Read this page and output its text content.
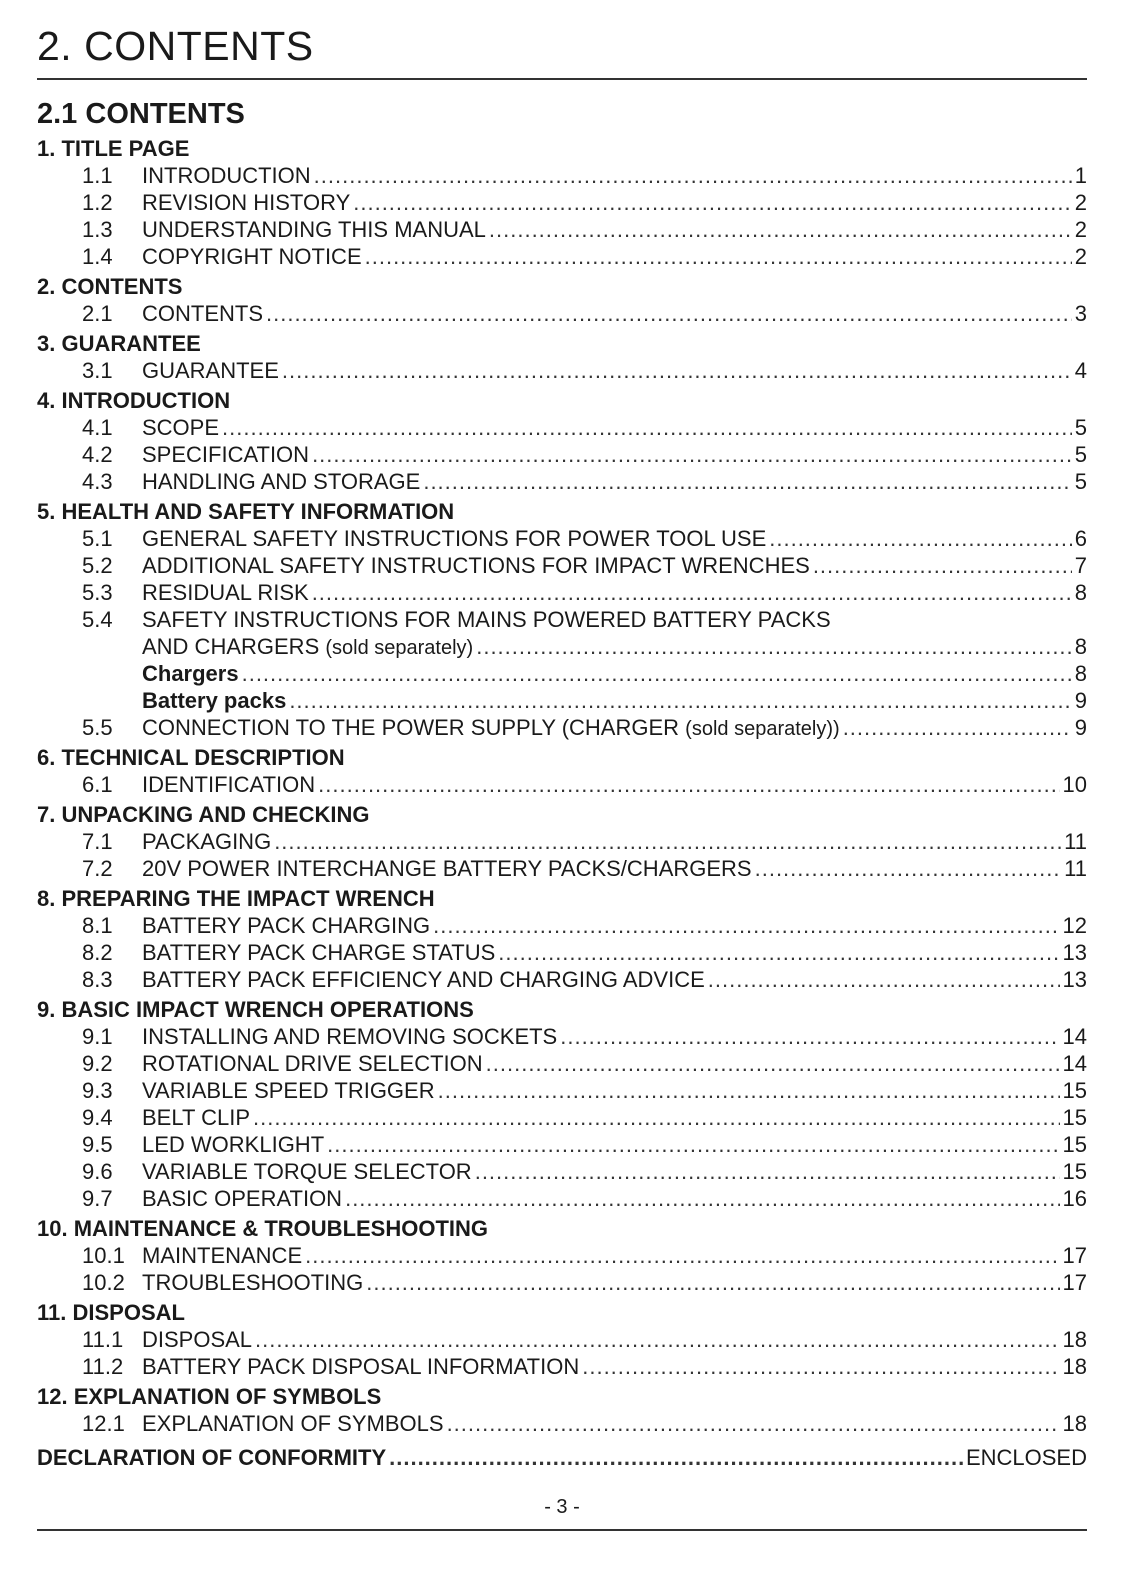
2. CONTENTS
2.1 CONTENTS
1. TITLE PAGE
1.1	INTRODUCTION .....	1
1.2	REVISION HISTORY .....	2
1.3	UNDERSTANDING THIS MANUAL .....	2
1.4	COPYRIGHT NOTICE .....	2
2. CONTENTS
2.1	CONTENTS .....	3
3. GUARANTEE
3.1	GUARANTEE .....	4
4. INTRODUCTION
4.1	SCOPE .....	5
4.2	SPECIFICATION .....	5
4.3	HANDLING AND STORAGE .....	5
5. HEALTH AND SAFETY INFORMATION
5.1	GENERAL SAFETY INSTRUCTIONS FOR POWER TOOL USE .....	6
5.2	ADDITIONAL SAFETY INSTRUCTIONS FOR IMPACT WRENCHES .....	7
5.3	RESIDUAL RISK .....	8
5.4	SAFETY INSTRUCTIONS FOR MAINS POWERED BATTERY PACKS
AND CHARGERS (sold separately) .....	8
Chargers .....	8
Battery packs .....	9
5.5	CONNECTION TO THE POWER SUPPLY (CHARGER (sold separately)) .....	9
6. TECHNICAL DESCRIPTION
6.1	IDENTIFICATION .....	10
7. UNPACKING AND CHECKING
7.1	PACKAGING .....	11
7.2	20V POWER INTERCHANGE BATTERY PACKS/CHARGERS .....	11
8. PREPARING THE IMPACT WRENCH
8.1	BATTERY PACK CHARGING .....	12
8.2	BATTERY PACK CHARGE STATUS .....	13
8.3	BATTERY PACK EFFICIENCY AND CHARGING ADVICE .....	13
9. BASIC IMPACT WRENCH OPERATIONS
9.1	INSTALLING AND REMOVING SOCKETS .....	14
9.2	ROTATIONAL DRIVE SELECTION .....	14
9.3	VARIABLE SPEED TRIGGER .....	15
9.4	BELT CLIP .....	15
9.5	LED WORKLIGHT .....	15
9.6	VARIABLE TORQUE SELECTOR .....	15
9.7	BASIC OPERATION .....	16
10. MAINTENANCE & TROUBLESHOOTING
10.1 MAINTENANCE .....	17
10.2 TROUBLESHOOTING .....	17
11. DISPOSAL
11.1 DISPOSAL .....	18
11.2 BATTERY PACK DISPOSAL INFORMATION .....	18
12. EXPLANATION OF SYMBOLS
12.1 EXPLANATION OF SYMBOLS .....	18
DECLARATION OF CONFORMITY .....	ENCLOSED
- 3 -
